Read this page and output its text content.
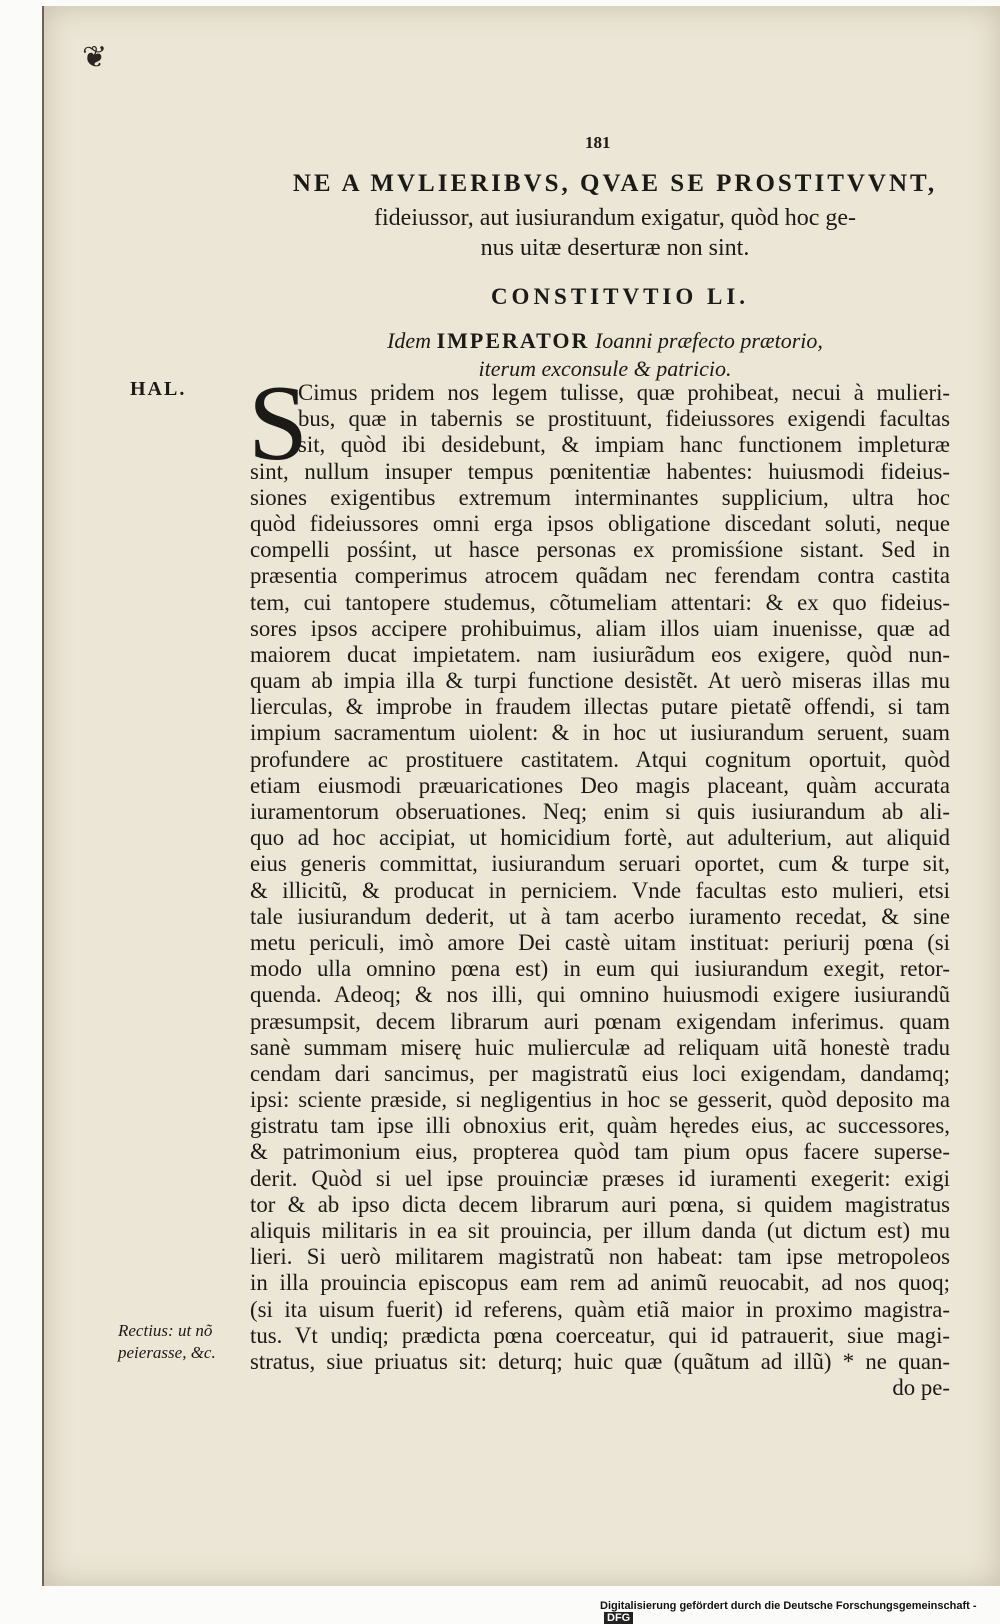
❦
181
NE A MVLIERIBVS, QVAE SE PROSTITVVNT,
fideiussor, aut iusiurandum exigatur, quòd hoc ge-
nus uitæ deserturæ non sint.
CONSTITVTIO LI.
Idem IMPERATOR Ioanni præfecto prætorio,
iterum exconsule & patricio.
HAL. S
Cimus pridem nos legem tulisse, quæ prohibeat, necui à mulieri-
bus, quæ in tabernis se prostituunt, fideiussores exigendi facultas
sit, quòd ibi desidebunt, & impiam hanc functionem impleturæ
sint, nullum insuper tempus pœnitentiæ habentes: huiusmodi fideius-
siones exigentibus extremum interminantes supplicium, ultra hoc
quòd fideiussores omni erga ipsos obligatione discedant soluti, neque
compelli posśint, ut hasce personas ex promisśione sistant. Sed in
præsentia comperimus atrocem quãdam nec ferendam contra castita
tem, cui tantopere studemus, cõtumeliam attentari: & ex quo fideius-
sores ipsos accipere prohibuimus, aliam illos uiam inuenisse, quæ ad
maiorem ducat impietatem. nam iusiurãdum eos exigere, quòd nun-
quam ab impia illa & turpi functione desistẽt. At uerò miseras illas mu
lierculas, & improbe in fraudem illectas putare pietatẽ offendi, si tam
impium sacramentum uiolent: & in hoc ut iusiurandum seruent, suam
profundere ac prostituere castitatem. Atqui cognitum oportuit, quòd
etiam eiusmodi præuaricationes Deo magis placeant, quàm accurata
iuramentorum obseruationes. Neq; enim si quis iusiurandum ab ali-
quo ad hoc accipiat, ut homicidium fortè, aut adulterium, aut aliquid
eius generis committat, iusiurandum seruari oportet, cum & turpe sit,
& illicitũ, & producat in perniciem. Vnde facultas esto mulieri, etsi
tale iusiurandum dederit, ut à tam acerbo iuramento recedat, & sine
metu periculi, imò amore Dei castè uitam instituat: periurij pœna (si
modo ulla omnino pœna est) in eum qui iusiurandum exegit, retor-
quenda. Adeoq; & nos illi, qui omnino huiusmodi exigere iusiurandũ
præsumpsit, decem librarum auri pœnam exigendam inferimus. quam
sanè summam miserę huic mulierculæ ad reliquam uitã honestè tradu
cendam dari sancimus, per magistratũ eius loci exigendam, dandamq;
ipsi: sciente præside, si negligentius in hoc se gesserit, quòd deposito ma
gistratu tam ipse illi obnoxius erit, quàm hęredes eius, ac successores,
& patrimonium eius, propterea quòd tam pium opus facere superse-
derit. Quòd si uel ipse prouinciæ præses id iuramenti exegerit: exigi
tor & ab ipso dicta decem librarum auri pœna, si quidem magistratus
aliquis militaris in ea sit prouincia, per illum danda (ut dictum est) mu
lieri. Si uerò militarem magistratũ non habeat: tam ipse metropoleos
in illa prouincia episcopus eam rem ad animũ reuocabit, ad nos quoq;
(si ita uisum fuerit) id referens, quàm etiã maior in proximo magistra-
tus. Vt undiq; prædicta pœna coerceatur, qui id patrauerit, siue magi-
stratus, siue priuatus sit: deturq; huic quæ (quãtum ad illũ) * ne quan-
do pe-
Rectius: ut nõ
peierasse, &c.
Digitalisierung gefördert durch die Deutsche Forschungsgemeinschaft -DFG
